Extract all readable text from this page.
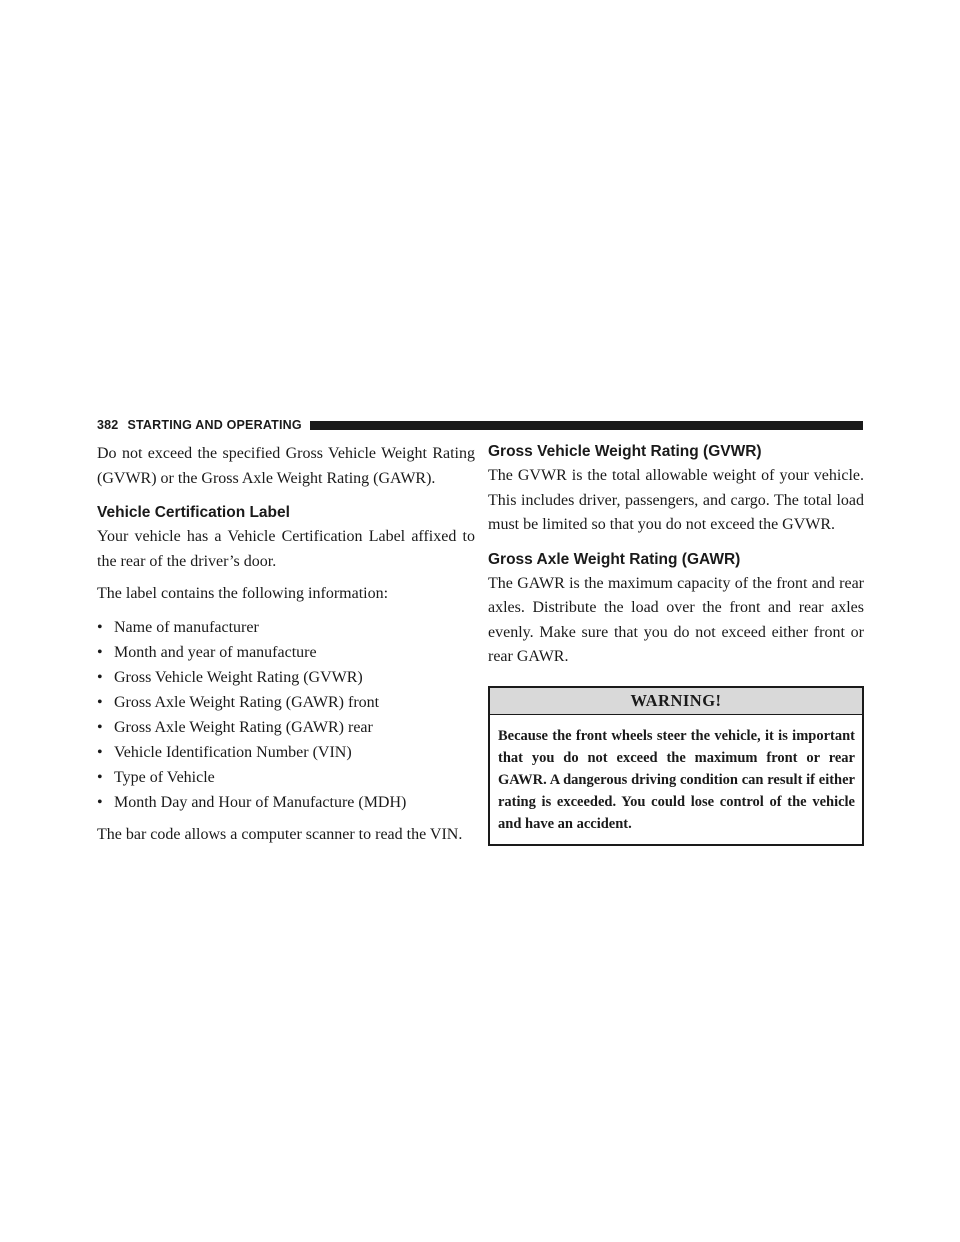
382 STARTING AND OPERATING

Do not exceed the specified Gross Vehicle Weight Rating (GVWR) or the Gross Axle Weight Rating (GAWR).

Vehicle Certification Label

Your vehicle has a Vehicle Certification Label affixed to the rear of the driver’s door.

The label contains the following information:

• Name of manufacturer
• Month and year of manufacture
• Gross Vehicle Weight Rating (GVWR)
• Gross Axle Weight Rating (GAWR) front
• Gross Axle Weight Rating (GAWR) rear
• Vehicle Identification Number (VIN)
• Type of Vehicle
• Month Day and Hour of Manufacture (MDH)

The bar code allows a computer scanner to read the VIN.

Gross Vehicle Weight Rating (GVWR)

The GVWR is the total allowable weight of your vehicle. This includes driver, passengers, and cargo. The total load must be limited so that you do not exceed the GVWR.

Gross Axle Weight Rating (GAWR)

The GAWR is the maximum capacity of the front and rear axles. Distribute the load over the front and rear axles evenly. Make sure that you do not exceed either front or rear GAWR.

WARNING!
Because the front wheels steer the vehicle, it is important that you do not exceed the maximum front or rear GAWR. A dangerous driving condition can result if either rating is exceeded. You could lose control of the vehicle and have an accident.
